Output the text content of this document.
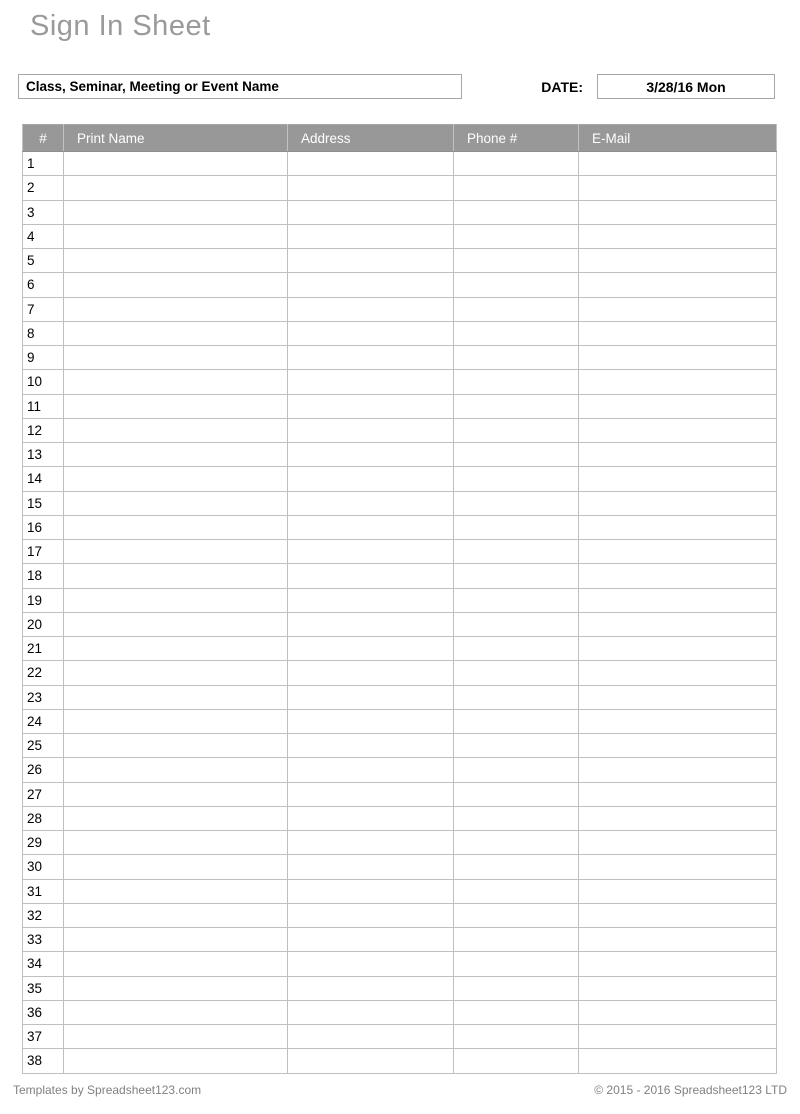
Sign In Sheet
Class, Seminar, Meeting or Event Name	DATE:	3/28/16 Mon
#	Print Name	Address	Phone #	E-Mail
1				
2				
3				
4				
5				
6				
7				
8				
9				
10				
11				
12				
13				
14				
15				
16				
17				
18				
19				
20				
21				
22				
23				
24				
25				
26				
27				
28				
29				
30				
31				
32				
33				
34				
35				
36				
37				
38				
Templates by Spreadsheet123.com	© 2015 - 2016 Spreadsheet123 LTD
